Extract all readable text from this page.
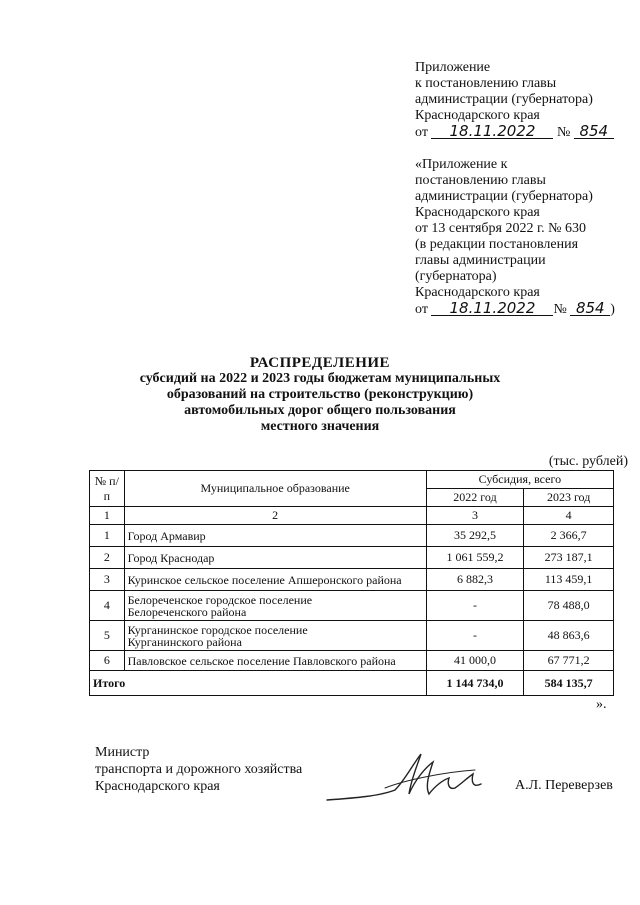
Приложение
к постановлению главы
администрации (губернатора)
Краснодарского края
от 18.11.2022 № 854
«Приложение к
постановлению главы
администрации (губернатора)
Краснодарского края
от 13 сентября 2022 г. № 630
(в редакции постановления
главы администрации
(губернатора)
Краснодарского края
от 18.11.2022 № 854 )
РАСПРЕДЕЛЕНИЕ
субсидий на 2022 и 2023 годы бюджетам муниципальных
образований на строительство (реконструкцию)
автомобильных дорог общего пользования
местного значения
(тыс. рублей)
№ п/п	Муниципальное образование	Субсидия, всего	
		2022 год	2023 год
1	2	3	4
1	Город Армавир	35 292,5	2 366,7
2	Город Краснодар	1 061 559,2	273 187,1
3	Куринское сельское поселение Апшеронского района	6 882,3	113 459,1
4	Белореченское городское поселение
Белореченского района	-	78 488,0
5	Курганинское городское поселение
Курганинского района	-	48 863,6
6	Павловское сельское поселение Павловского района	41 000,0	67 771,2
Итого		1 144 734,0	584 135,7
».
Министр
транспорта и дорожного хозяйства
Краснодарского края	А.Л. Переверзев
